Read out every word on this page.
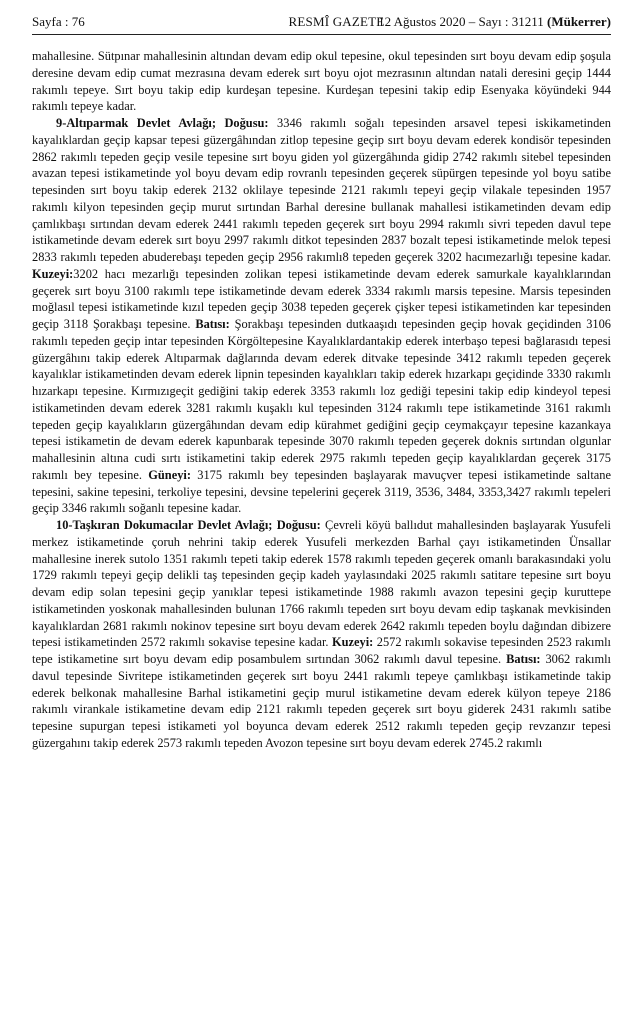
Sayfa : 76	RESMÎ GAZETE
12 Ağustos 2020 – Sayı : 31211 (Mükerrer)

mahallesine. Sütpınar mahallesinin altından devam edip okul tepesine, okul tepesinden sırt boyu devam edip şoşula deresine devam edip cumat mezrasına devam ederek sırt boyu ojot mezrasının altından natali deresini geçip 1444 rakımlı tepeye. Sırt boyu takip edip kurdeşan tepesine. Kurdeşan tepesini takip edip Esenyaka köyündeki 944 rakımlı tepeye kadar.

9-Altıparmak Devlet Avlağı; Doğusu: 3346 rakımlı soğalı tepesinden arsavel tepesi iskikametinden kayalıklardan geçip kapsar tepesi güzergâhından zitlop tepesine geçip sırt boyu devam ederek kondisör tepesinden 2862 rakımlı tepeden geçip vesile tepesine sırt boyu giden yol güzergâhında gidip 2742 rakımlı sitebel tepesinden avazan tepesi istikametinde yol boyu devam edip rovranlı tepesinden geçerek süpürgen tepesinde yol boyu satibe tepesinden sırt boyu takip ederek 2132 oklilaye tepesinde 2121 rakımlı tepeyi geçip vilakale tepesinden 1957 rakımlı kilyon tepesinden geçip murut sırtından Barhal deresine bullanak mahallesi istikametinden devam edip çamlıkbaşı sırtından devam ederek 2441 rakımlı tepeden geçerek sırt boyu 2994 rakımlı sivri tepeden davul tepe istikametinde devam ederek sırt boyu 2997 rakımlı ditkot tepesinden 2837 bozalt tepesi istikametinde melok tepesi 2833 rakımlı tepeden abuderebaşı tepeden geçip 2956 rakımlı8 tepeden geçerek 3202 hacımezarlığı tepesine kadar. Kuzeyi:3202 hacı mezarlığı tepesinden zolikan tepesi istikametinde devam ederek samurkale kayalıklarından geçerek sırt boyu 3100 rakımlı tepe istikametinde devam ederek 3334 rakımlı marsis tepesine. Marsis tepesinden moğlasıl tepesi istikametinde kızıl tepeden geçip 3038 tepeden geçerek çişker tepesi istikametinden kar tepesinden geçip 3118 Şorakbaşı tepesine. Batısı: Şorakbaşı tepesinden dutkaaşıdı tepesinden geçip hovak geçidinden 3106 rakımlı tepeden geçip intar tepesinden Körgöltepesine Kayalıklardantakip ederek interbaşo tepesi bağlarasıdı tepesi güzergâhını takip ederek Altıparmak dağlarında devam ederek ditvake tepesinde 3412 rakımlı tepeden geçerek kayalıklar istikametinden devam ederek lipnin tepesinden kayalıkları takip ederek hızarkapı geçidinde 3330 rakımlı hızarkapı tepesine. Kırmızıgeçit gediğini takip ederek 3353 rakımlı loz gediği tepesini takip edip kindeyol tepesi istikametinden devam ederek 3281 rakımlı kuşaklı kul tepesinden 3124 rakımlı tepe istikametinde 3161 rakımlı tepeden geçip kayalıkların güzergâhından devam edip kürahmet gediğini geçip ceymakçayır tepesine kazankaya tepesi istikametin de devam ederek kapunbarak tepesinde 3070 rakımlı tepeden geçerek doknis sırtından olgunlar mahallesinin altına cudi sırtı istikametini takip ederek 2975 rakımlı tepeden geçip kayalıklardan geçerek 3175 rakımlı bey tepesine. Güneyi: 3175 rakımlı bey tepesinden başlayarak mavuçver tepesi istikametinde saltane tepesini, sakine tepesini, terkoliye tepesini, devsine tepelerini geçerek 3119, 3536, 3484, 3353,3427 rakımlı tepeleri geçip 3346 rakımlı soğanlı tepesine kadar.

10-Taşkıran Dokumacılar Devlet Avlağı; Doğusu: Çevreli köyü ballıdut mahallesinden başlayarak Yusufeli merkez istikametinde çoruh nehrini takip ederek Yusufeli merkezden Barhal çayı istikametinden Ünsallar mahallesine inerek sutolo 1351 rakımlı tepeti takip ederek 1578 rakımlı tepeden geçerek omanlı barakasındaki yolu 1729 rakımlı tepeyi geçip delikli taş tepesinden geçip kadeh yaylasındaki 2025 rakımlı satitare tepesine sırt boyu devam edip solan tepesini geçip yanıklar tepesi istikametinde 1988 rakımlı avazon tepesini geçip kuruttepe istikametinden yoskonak mahallesinden bulunan 1766 rakımlı tepeden sırt boyu devam edip taşkanak mevkisinden kayalıklardan 2681 rakımlı nokinov tepesine sırt boyu devam ederek 2642 rakımlı tepeden boylu dağından dibizere tepesi istikametinden 2572 rakımlı sokavise tepesine kadar. Kuzeyi: 2572 rakımlı sokavise tepesinden 2523 rakımlı tepe istikametine sırt boyu devam edip posambulem sırtından 3062 rakımlı davul tepesine. Batısı: 3062 rakımlı davul tepesinde Sivritepe istikametinden geçerek sırt boyu 2441 rakımlı tepeye çamlıkbaşı istikametinde takip ederek belkonak mahallesine Barhal istikametini geçip murul istikametine devam ederek külyon tepeye 2186 rakımlı virankale istikametine devam edip 2121 rakımlı tepeden geçerek sırt boyu giderek 2431 rakımlı satibe tepesine supurgan tepesi istikameti yol boyunca devam ederek 2512 rakımlı tepeden geçip revzanzır tepesi güzergahını takip ederek 2573 rakımlı tepeden Avozon tepesine sırt boyu devam ederek 2745.2 rakımlı
